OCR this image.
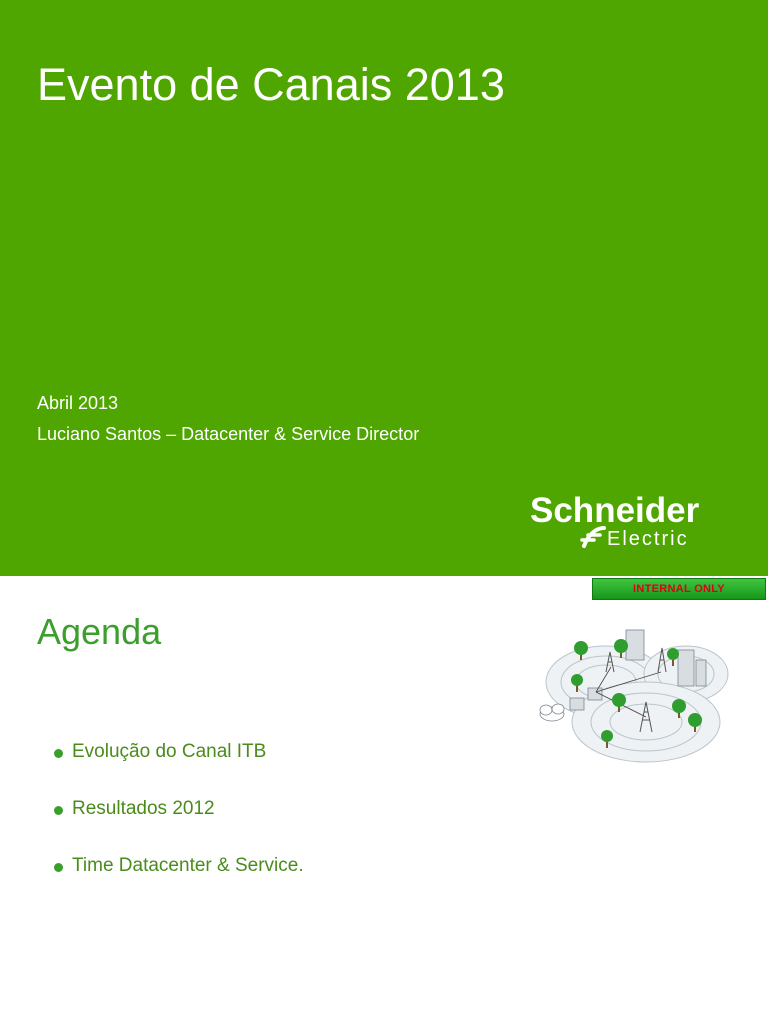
Evento de Canais 2013
Abril 2013
Luciano Santos – Datacenter & Service Director
Schneider
Electric
INTERNAL ONLY
Agenda
Evolução do Canal ITB
Resultados 2012
Time Datacenter & Service.
